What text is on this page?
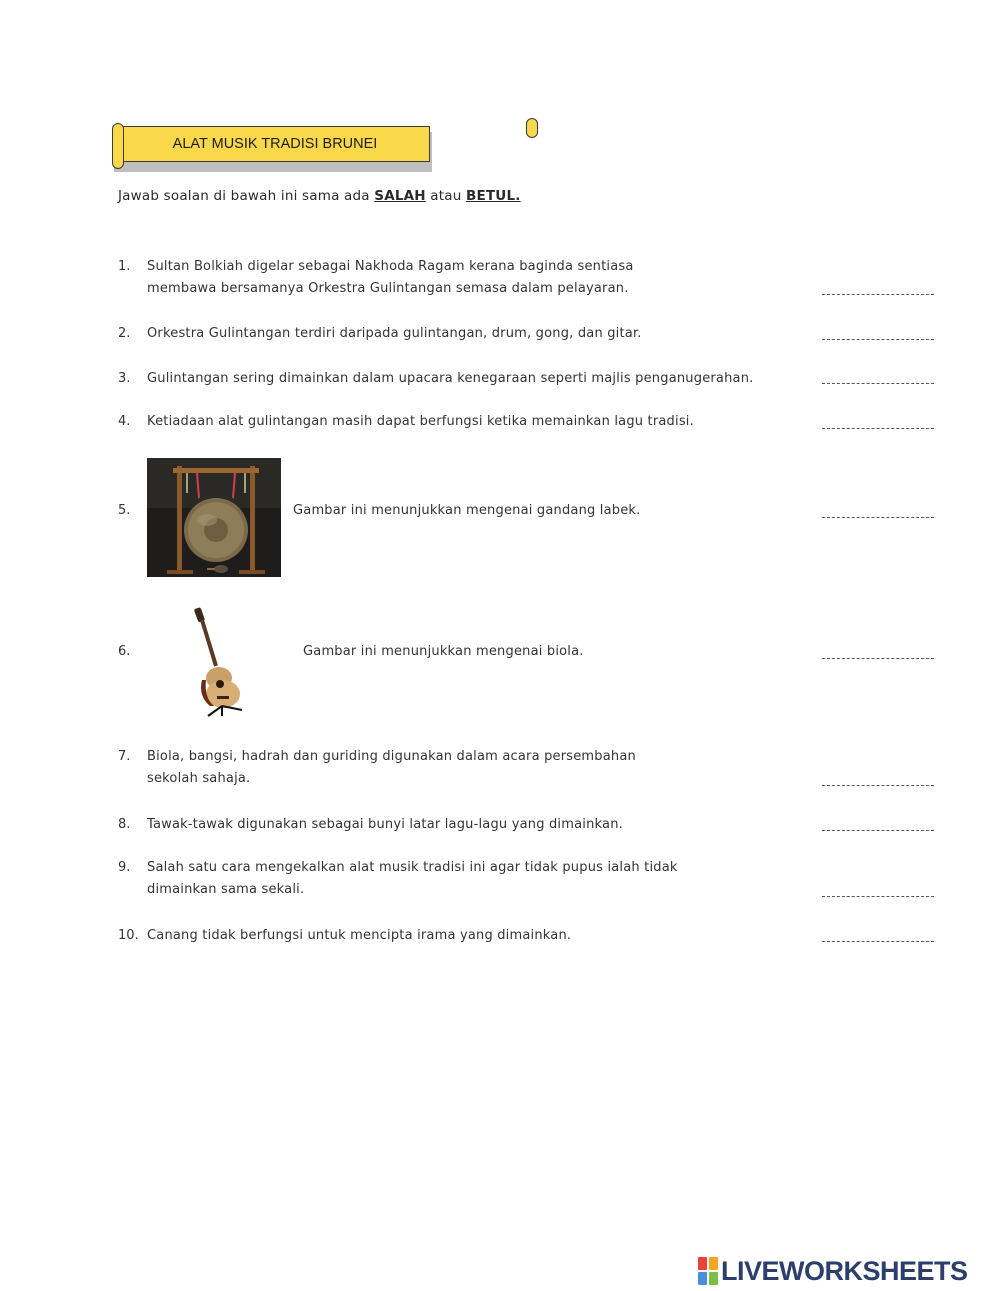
ALAT MUSIK TRADISI BRUNEI
Jawab soalan di bawah ini sama ada SALAH atau BETUL.
1. Sultan Bolkiah digelar sebagai Nakhoda Ragam kerana baginda sentiasa
membawa bersamanya Orkestra Gulintangan semasa dalam pelayaran.
2. Orkestra Gulintangan terdiri daripada gulintangan, drum, gong, dan gitar.
3. Gulintangan sering dimainkan dalam upacara kenegaraan seperti majlis penganugerahan.
4. Ketiadaan alat gulintangan masih dapat berfungsi ketika memainkan lagu tradisi.
5.	Gambar ini menunjukkan mengenai gandang labek.
6.	Gambar ini menunjukkan mengenai biola.
7. Biola, bangsi, hadrah dan guriding digunakan dalam acara persembahan
sekolah sahaja.
8. Tawak-tawak digunakan sebagai bunyi latar lagu-lagu yang dimainkan.
9. Salah satu cara mengekalkan alat musik tradisi ini agar tidak pupus ialah tidak
dimainkan sama sekali.
10. Canang tidak berfungsi untuk mencipta irama yang dimainkan.
LIVEWORKSHEETS
